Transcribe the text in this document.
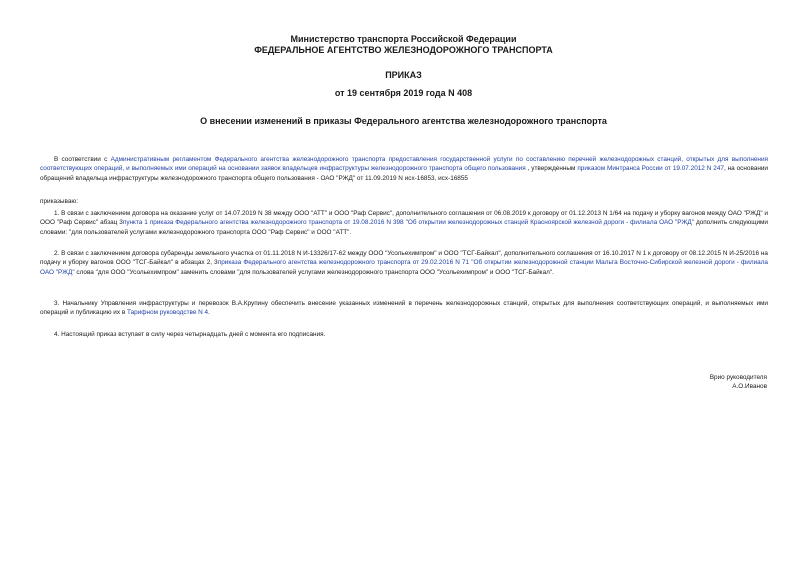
Министерство транспорта Российской Федерации
ФЕДЕРАЛЬНОЕ АГЕНТСТВО ЖЕЛЕЗНОДОРОЖНОГО ТРАНСПОРТА
ПРИКАЗ
от 19 сентября 2019 года N 408
О внесении изменений в приказы Федерального агентства железнодорожного транспорта
В соответствии с Административным регламентом Федерального агентства железнодорожного транспорта предоставления государственной услуги по составлению перечней железнодорожных станций, открытых для выполнения соответствующих операций, и выполняемых ими операций на основании заявок владельцев инфраструктуры железнодорожного транспорта общего пользования , утвержденным приказом Минтранса России от 19.07.2012 N 247, на основании обращений владельца инфраструктуры железнодорожного транспорта общего пользования - ОАО "РЖД" от 11.09.2019 N исх-16853, исх-16855
приказываю:
1. В связи с заключением договора на оказание услуг от 14.07.2019 N 38 между ООО "АТТ" и ООО "Раф Сервис", дополнительного соглашения от 06.08.2019 к договору от 01.12.2013 N 1/64 на подачу и уборку вагонов между ОАО "РЖД" и ООО "Раф Сервис" абзац 3пункта 1 приказа Федерального агентства железнодорожного транспорта от 19.08.2016 N 398 "Об открытии железнодорожных станций Красноярской железной дороги - филиала ОАО "РЖД" дополнить следующими словами: "для пользователей услугами железнодорожного транспорта ООО "Раф Сервис" и ООО "АТТ".
2. В связи с заключением договора субаренды земельного участка от 01.11.2018 N И-13326/17-62 между ООО "Усольехимпром" и ООО "ТСГ-Байкал", дополнительного соглашения от 16.10.2017 N 1 к договору от 08.12.2015 N И-25/2016 на подачу и уборку вагонов ООО "ТСГ-Байкал" в абзацах 2, 3приказа Федерального агентства железнодорожного транспорта от 29.02.2016 N 71 "Об открытии железнодорожной станции Мальта Восточно-Сибирской железной дороги - филиала ОАО "РЖД" слова "для ООО "Усольехимпром" заменить словами "для пользователей услугами железнодорожного транспорта ООО "Усольехимпром" и ООО "ТСГ-Байкал".
3. Начальнику Управления инфраструктуры и перевозок В.А.Крупину обеспечить внесение указанных изменений в перечень железнодорожных станций, открытых для выполнения соответствующих операций, и выполняемых ими операций и публикацию их в Тарифном руководстве N 4.
4. Настоящий приказ вступает в силу через четырнадцать дней с момента его подписания.
Врио руководителя
А.О.Иванов
